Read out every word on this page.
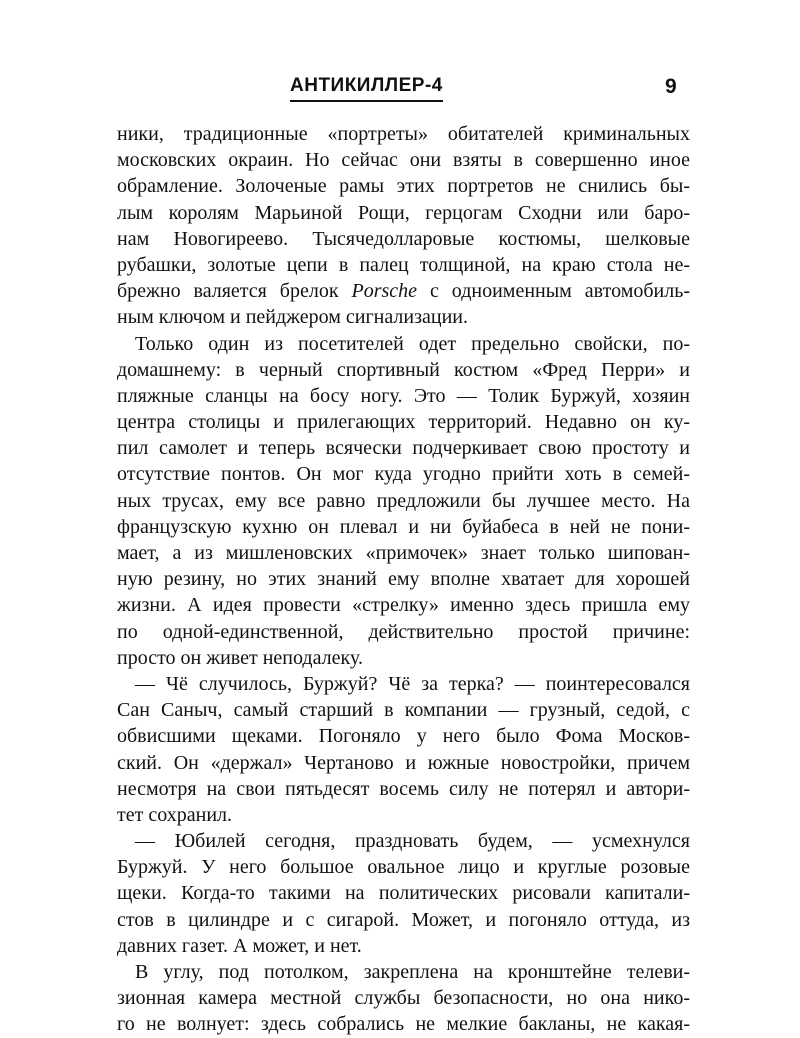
АНТИКИЛЛЕР-4	9
ники, традиционные «портреты» обитателей криминальных
московских окраин. Но сейчас они взяты в совершенно иное
обрамление. Золоченые рамы этих портретов не снились бы-
лым королям Марьиной Рощи, герцогам Сходни или баро-
нам Новогиреево. Тысячедолларовые костюмы, шелковые
рубашки, золотые цепи в палец толщиной, на краю стола не-
брежно валяется брелок Porsche с одноименным автомобиль-
ным ключом и пейджером сигнализации.
Только один из посетителей одет предельно свойски, по-
домашнему: в черный спортивный костюм «Фред Перри» и
пляжные сланцы на босу ногу. Это — Толик Буржуй, хозяин
центра столицы и прилегающих территорий. Недавно он ку-
пил самолет и теперь всячески подчеркивает свою простоту и
отсутствие понтов. Он мог куда угодно прийти хоть в семей-
ных трусах, ему все равно предложили бы лучшее место. На
французскую кухню он плевал и ни буйабеса в ней не пони-
мает, а из мишленовских «примочек» знает только шипован-
ную резину, но этих знаний ему вполне хватает для хорошей
жизни. А идея провести «стрелку» именно здесь пришла ему
по одной-единственной, действительно простой причине:
просто он живет неподалеку.
— Чё случилось, Буржуй? Чё за терка? — поинтересовался
Сан Саныч, самый старший в компании — грузный, седой, с
обвисшими щеками. Погоняло у него было Фома Москов-
ский. Он «держал» Чертаново и южные новостройки, причем
несмотря на свои пятьдесят восемь силу не потерял и автори-
тет сохранил.
— Юбилей сегодня, праздновать будем, — усмехнулся
Буржуй. У него большое овальное лицо и круглые розовые
щеки. Когда-то такими на политических рисовали капитали-
стов в цилиндре и с сигарой. Может, и погоняло оттуда, из
давних газет. А может, и нет.
В углу, под потолком, закреплена на кронштейне телеви-
зионная камера местной службы безопасности, но она нико-
го не волнует: здесь собрались не мелкие бакланы, не какая-
